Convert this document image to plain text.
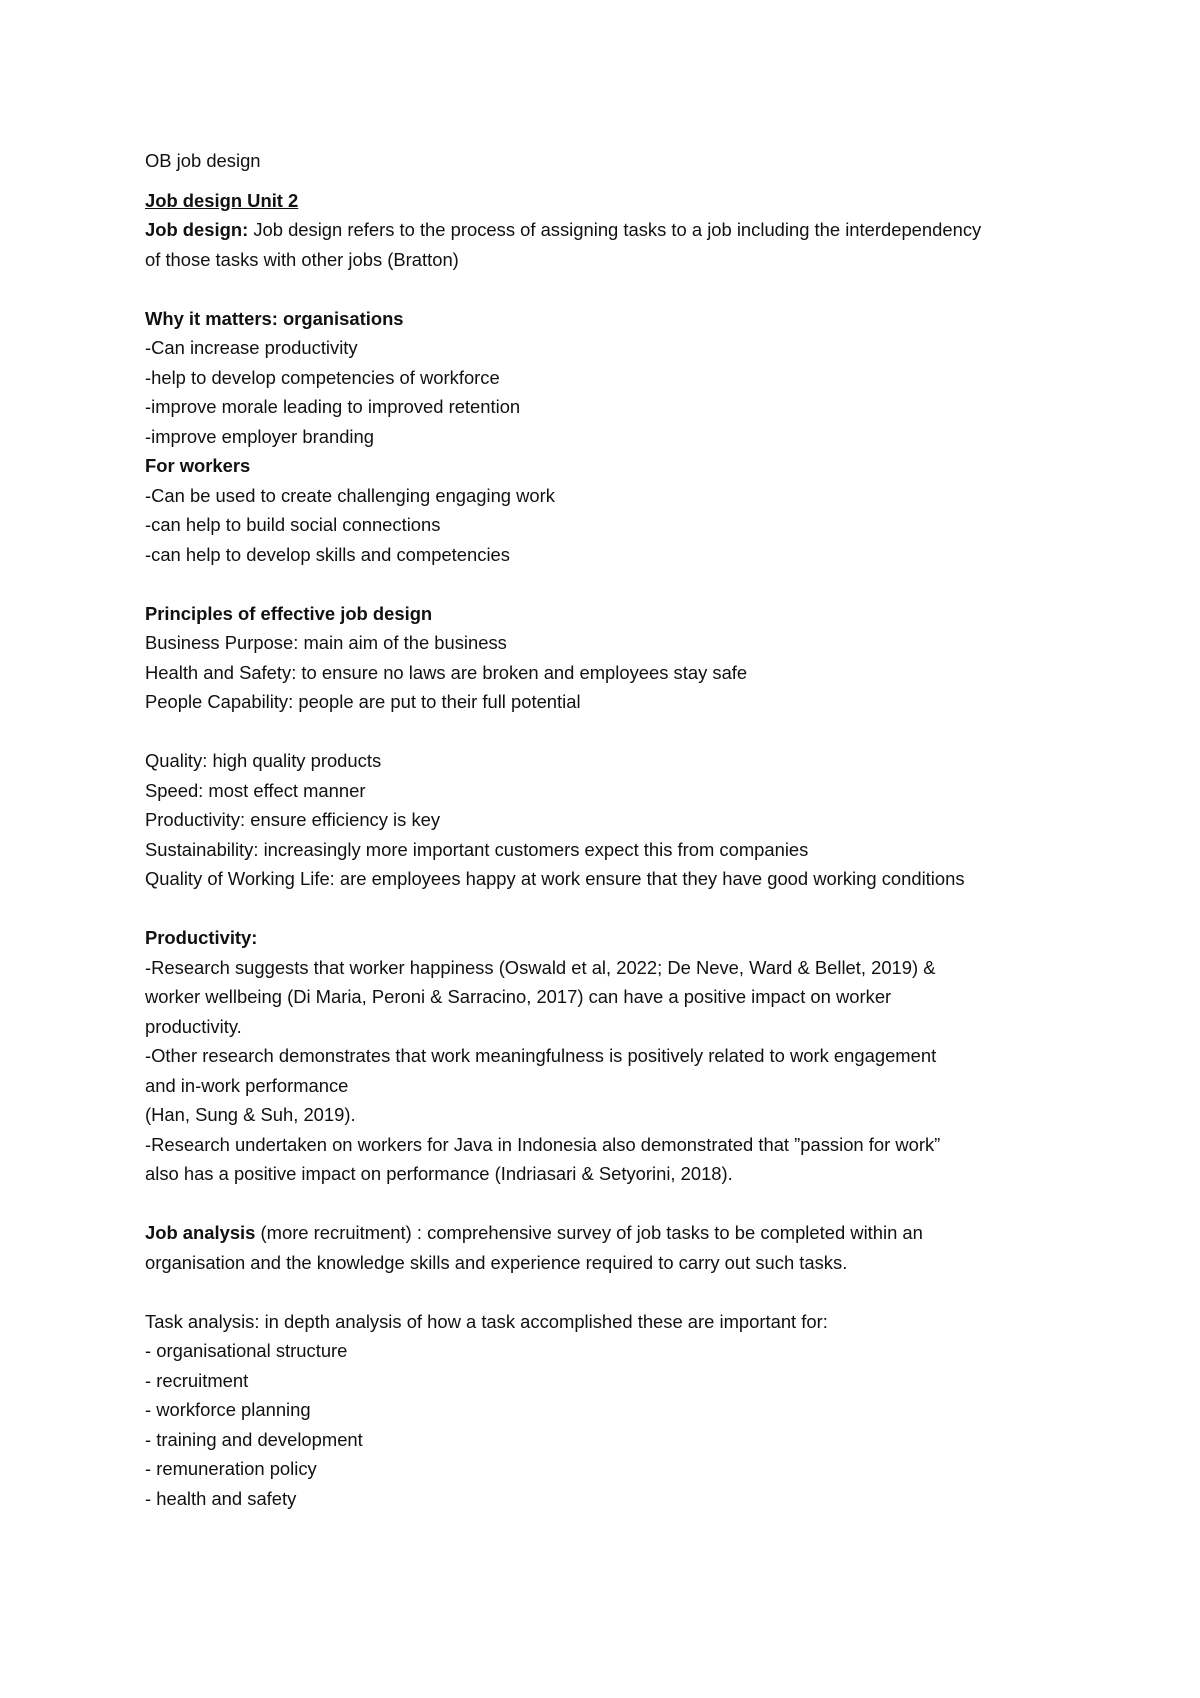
OB job design
Job design Unit 2
Job design: Job design refers to the process of assigning tasks to a job including the interdependency
of those tasks with other jobs (Bratton)
Why it matters: organisations
-Can increase productivity
-help to develop competencies of workforce
-improve morale leading to improved retention
-improve employer branding
For workers
-Can be used to create challenging engaging work
-can help to build social connections
-can help to develop skills and competencies
Principles of effective job design
Business Purpose: main aim of the business
Health and Safety: to ensure no laws are broken and employees stay safe
People Capability: people are put to their full potential
Quality: high quality products
Speed: most effect manner
Productivity: ensure efficiency is key
Sustainability: increasingly more important customers expect this from companies
Quality of Working Life: are employees happy at work ensure that they have good working conditions
Productivity:
-Research suggests that worker happiness (Oswald et al, 2022; De Neve, Ward & Bellet, 2019) &
worker wellbeing (Di Maria, Peroni & Sarracino, 2017) can have a positive impact on worker
productivity.
-Other research demonstrates that work meaningfulness is positively related to work engagement
and in-work performance
(Han, Sung & Suh, 2019).
-Research undertaken on workers for Java in Indonesia also demonstrated that ”passion for work”
also has a positive impact on performance (Indriasari & Setyorini, 2018).
Job analysis (more recruitment) : comprehensive survey of job tasks to be completed within an
organisation and the knowledge skills and experience required to carry out such tasks.
Task analysis: in depth analysis of how a task accomplished these are important for:
- organisational structure
- recruitment
- workforce planning
- training and development
- remuneration policy
- health and safety
